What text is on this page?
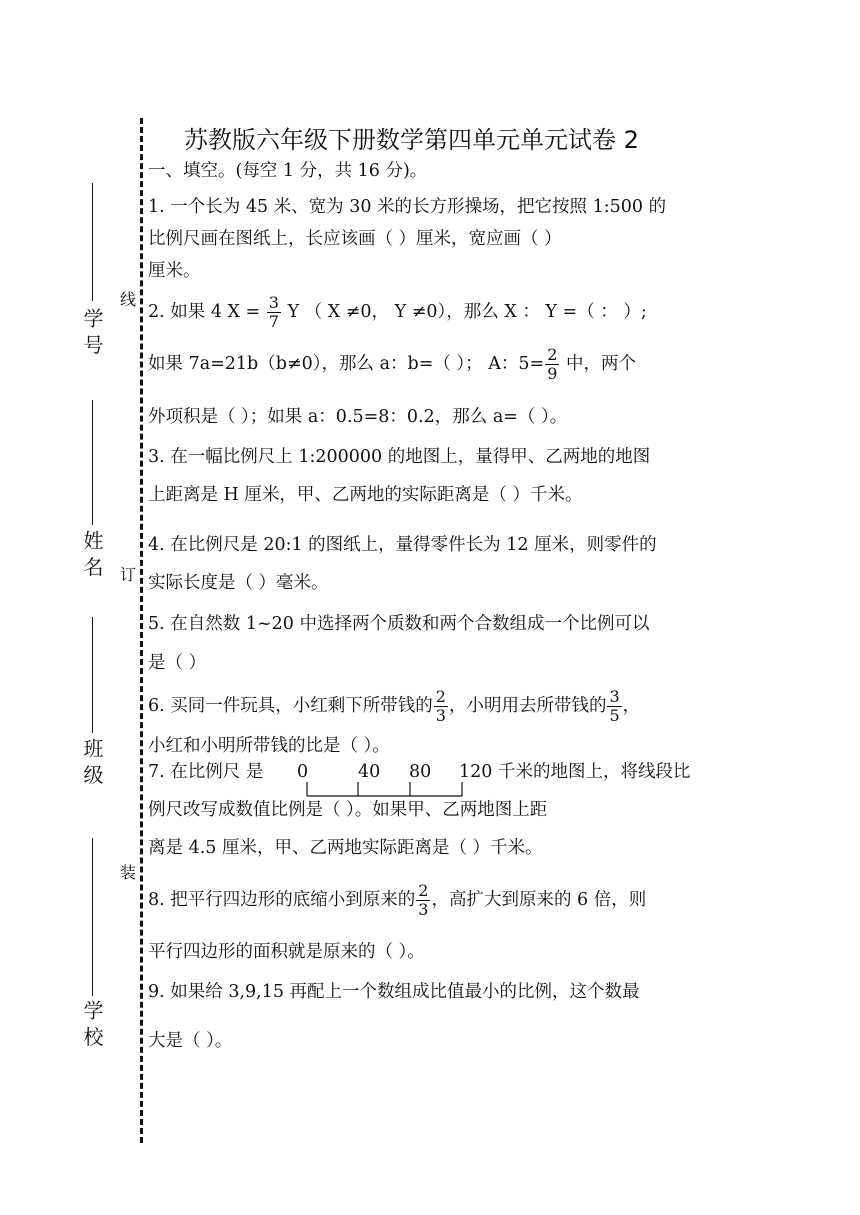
学 号
姓 名
班 级
学 校
线
订
装
苏教版六年级下册数学第四单元单元试卷 2
一、填空。(每空 1 分，共 16 分)。
1. 一个长为 45 米、宽为 30 米的长方形操场，把它按照 1:500 的
比例尺画在图纸上，长应该画（ ）厘米，宽应画（ ）
厘米。
2. 如果 4 $X = \frac{3}{7}$ Y （ X ≠0， Y ≠0），那么 X ： Y =（ ： ）;
如果 7a=21b（b≠0），那么 a：b=（ ）； A：$5= \frac{2}{9}$ 中，两个
外项积是（ ）；如果 a：0.5=8：0.2，那么 a=（ ）。
3. 在一幅比例尺上 1:200000 的地图上，量得甲、乙两地的地图
上距离是 H 厘米，甲、乙两地的实际距离是（ ）千米。
4. 在比例尺是 20:1 的图纸上，量得零件长为 12 厘米，则零件的
实际长度是（ ）毫米。
5. 在自然数 1~20 中选择两个质数和两个合数组成一个比例可以
是（ ）
6. 买同一件玩具，小红剩下所带钱的 $\frac{2}{3}$ ，小明用去所带钱的 $\frac{3}{5}$ ，
小红和小明所带钱的比是（ ）。
7. 在比例尺 是 0	40 80 120 千米的地图上，将线段比
例尺改写成数值比例是（ ）。如果甲、乙两地图上距
离是 4.5 厘米，甲、乙两地实际距离是（ ）千米。
8. 把平行四边形的底缩小到原来的 $\frac{2}{3}$ ，高扩大到原来的 6 倍，则
平行四边形的面积就是原来的（ ）。
9. 如果给 3,9,15 再配上一个数组成比值最小的比例，这个数最
大是（ ）。
